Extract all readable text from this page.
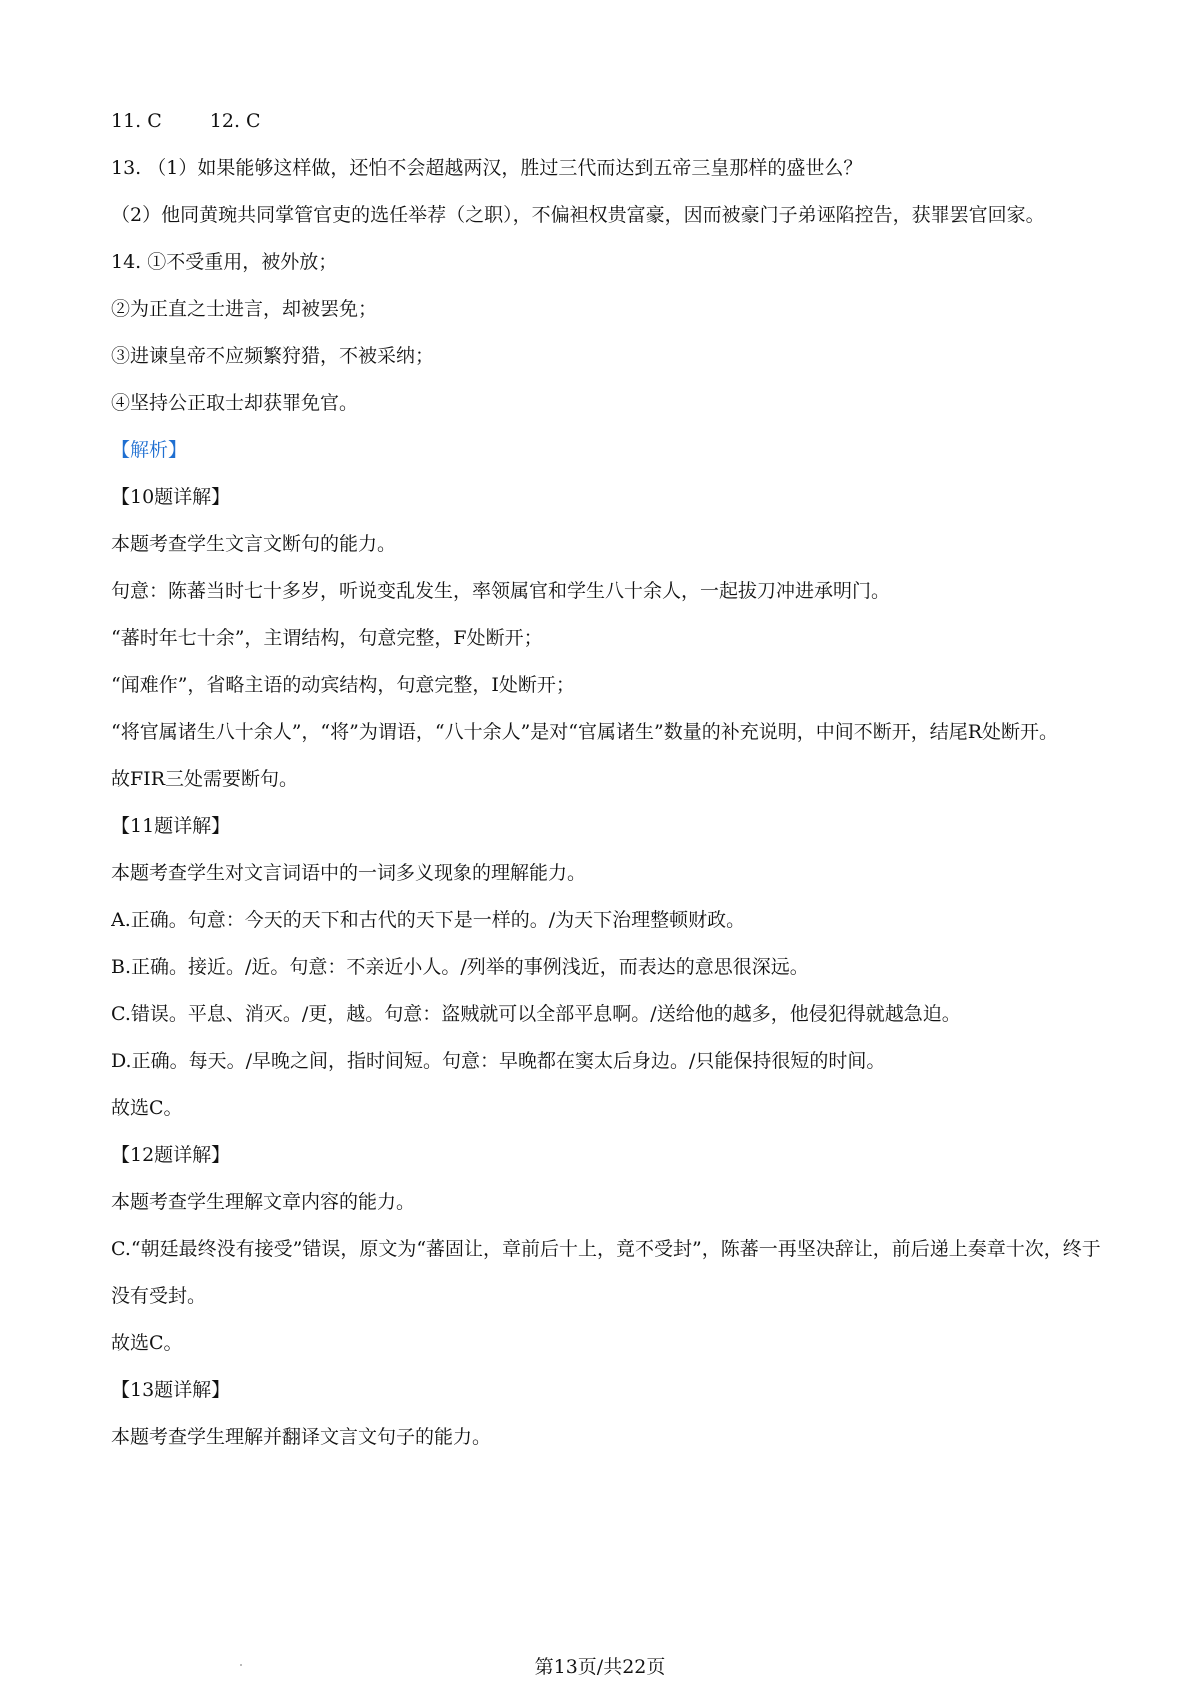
11. C	12. C
13. （1）如果能够这样做，还怕不会超越两汉，胜过三代而达到五帝三皇那样的盛世么？
（2）他同黄琬共同掌管官吏的选任举荐（之职），不偏袒权贵富豪，因而被豪门子弟诬陷控告，获罪罢官回家。
14. ①不受重用，被外放；
②为正直之士进言，却被罢免；
③进谏皇帝不应频繁狩猎，不被采纳；
④坚持公正取士却获罪免官。
【解析】
【10题详解】
本题考查学生文言文断句的能力。
句意：陈蕃当时七十多岁，听说变乱发生，率领属官和学生八十余人，一起拔刀冲进承明门。
“蕃时年七十余”，主谓结构，句意完整，F处断开；
“闻难作”，省略主语的动宾结构，句意完整，I处断开；
“将官属诸生八十余人”，“将”为谓语，“八十余人”是对“官属诸生”数量的补充说明，中间不断开，结尾R处断开。
故FIR三处需要断句。
【11题详解】
本题考查学生对文言词语中的一词多义现象的理解能力。
A.正确。句意：今天的天下和古代的天下是一样的。/为天下治理整顿财政。
B.正确。接近。/近。句意：不亲近小人。/列举的事例浅近，而表达的意思很深远。
C.错误。平息、消灭。/更，越。句意：盗贼就可以全部平息啊。/送给他的越多，他侵犯得就越急迫。
D.正确。每天。/早晚之间，指时间短。句意：早晚都在窦太后身边。/只能保持很短的时间。
故选C。
【12题详解】
本题考查学生理解文章内容的能力。
C.“朝廷最终没有接受”错误，原文为“蕃固让，章前后十上，竟不受封”，陈蕃一再坚决辞让，前后递上奏章十次，终于没有受封。
故选C。
【13题详解】
本题考查学生理解并翻译文言文句子的能力。
第13页/共22页
